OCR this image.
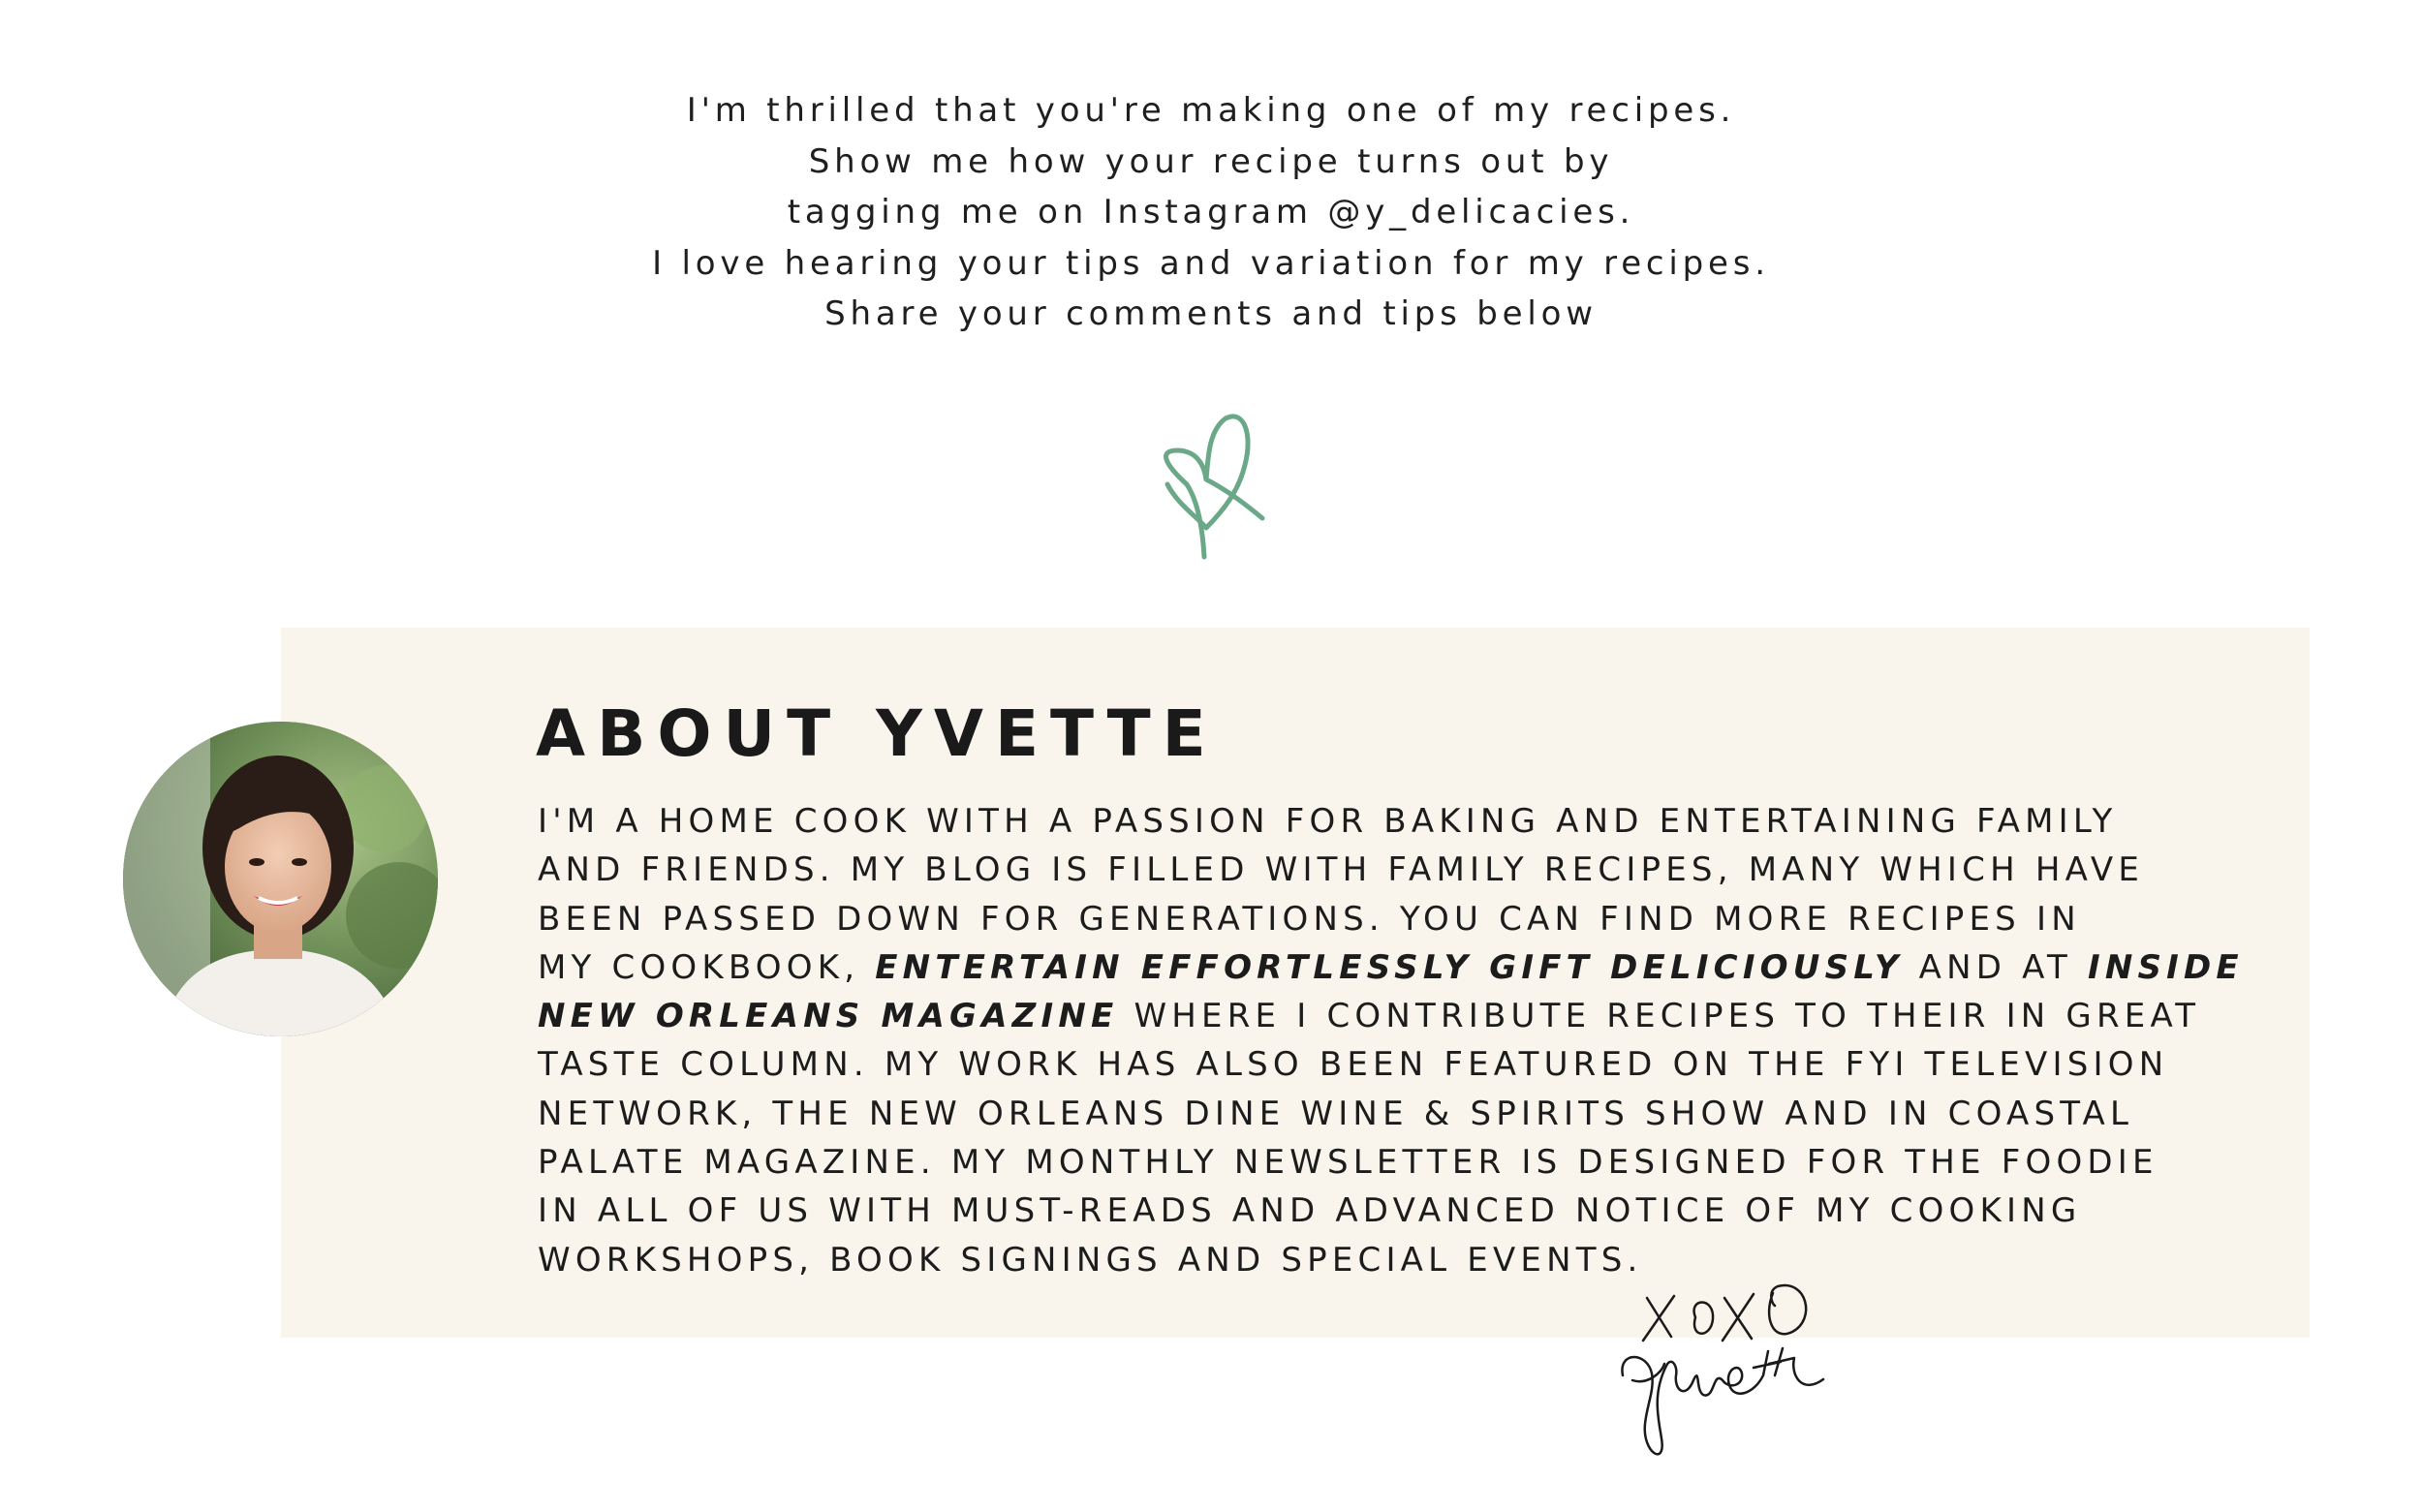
I'm thrilled that you're making one of my recipes.
Show me how your recipe turns out by
tagging me on Instagram @y_delicacies.
I love hearing your tips and variation for my recipes.
Share your comments and tips below
ABOUT YVETTE
I'M A HOME COOK WITH A PASSION FOR BAKING AND ENTERTAINING FAMILY
AND FRIENDS. MY BLOG IS FILLED WITH FAMILY RECIPES, MANY WHICH HAVE
BEEN PASSED DOWN FOR GENERATIONS. YOU CAN FIND MORE RECIPES IN
MY COOKBOOK, ENTERTAIN EFFORTLESSLY GIFT DELICIOUSLY AND AT INSIDE
NEW ORLEANS MAGAZINE WHERE I CONTRIBUTE RECIPES TO THEIR IN GREAT
TASTE COLUMN. MY WORK HAS ALSO BEEN FEATURED ON THE FYI TELEVISION
NETWORK, THE NEW ORLEANS DINE WINE & SPIRITS SHOW AND IN COASTAL
PALATE MAGAZINE. MY MONTHLY NEWSLETTER IS DESIGNED FOR THE FOODIE
IN ALL OF US WITH MUST-READS AND ADVANCED NOTICE OF MY COOKING
WORKSHOPS, BOOK SIGNINGS AND SPECIAL EVENTS.
